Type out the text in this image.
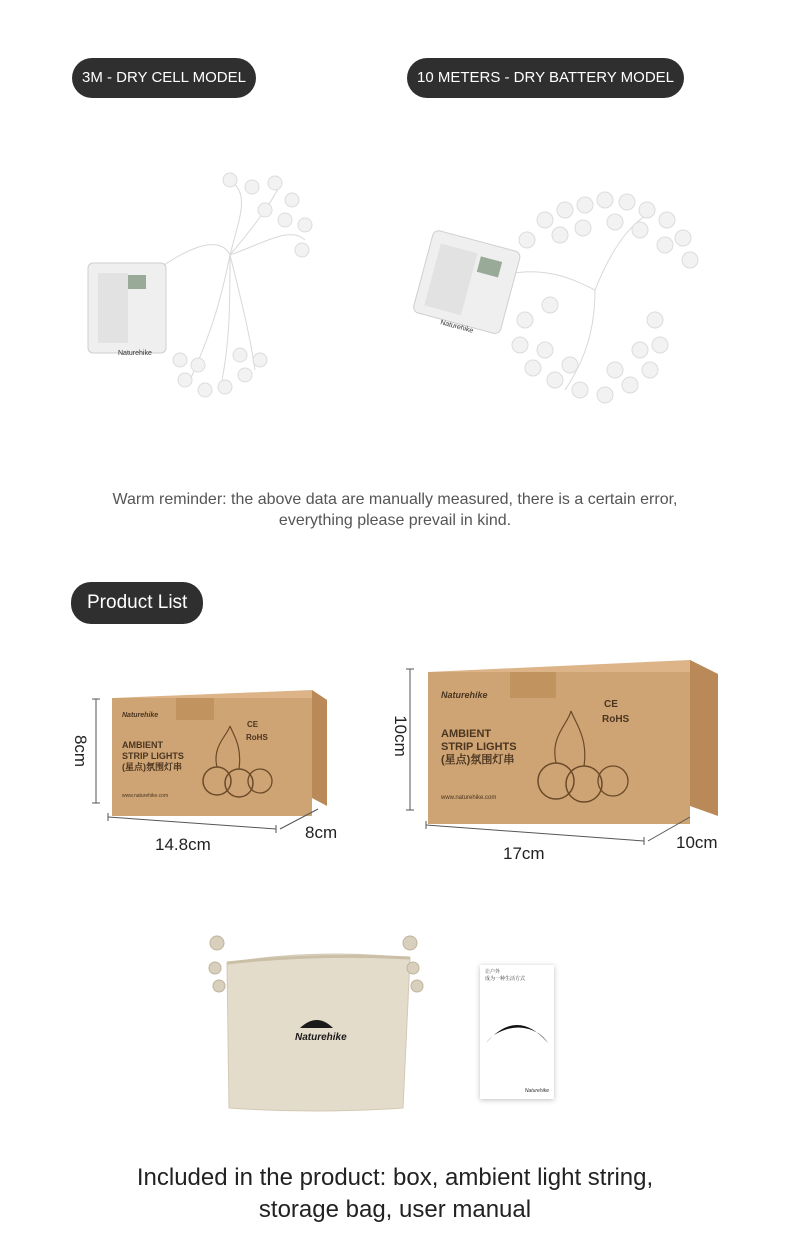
3M - DRY CELL MODEL	10 METERS - DRY BATTERY MODEL
Naturehike
Naturehike
Warm reminder: the above data are manually measured, there is a certain error,
everything please prevail in kind.
Product List
Naturehike
AMBIENT
STRIP LIGHTS
(星点)氛围灯串
www.naturehike.com
CE
RoHS
8cm
14.8cm
8cm
Naturehike
AMBIENT
STRIP LIGHTS
(星点)氛围灯串
www.naturehike.com
CE
RoHS
10cm
17cm
10cm
Naturehike
让户外
成为一种生活方式
Naturehike
Included in the product: box, ambient light string,
storage bag, user manual
